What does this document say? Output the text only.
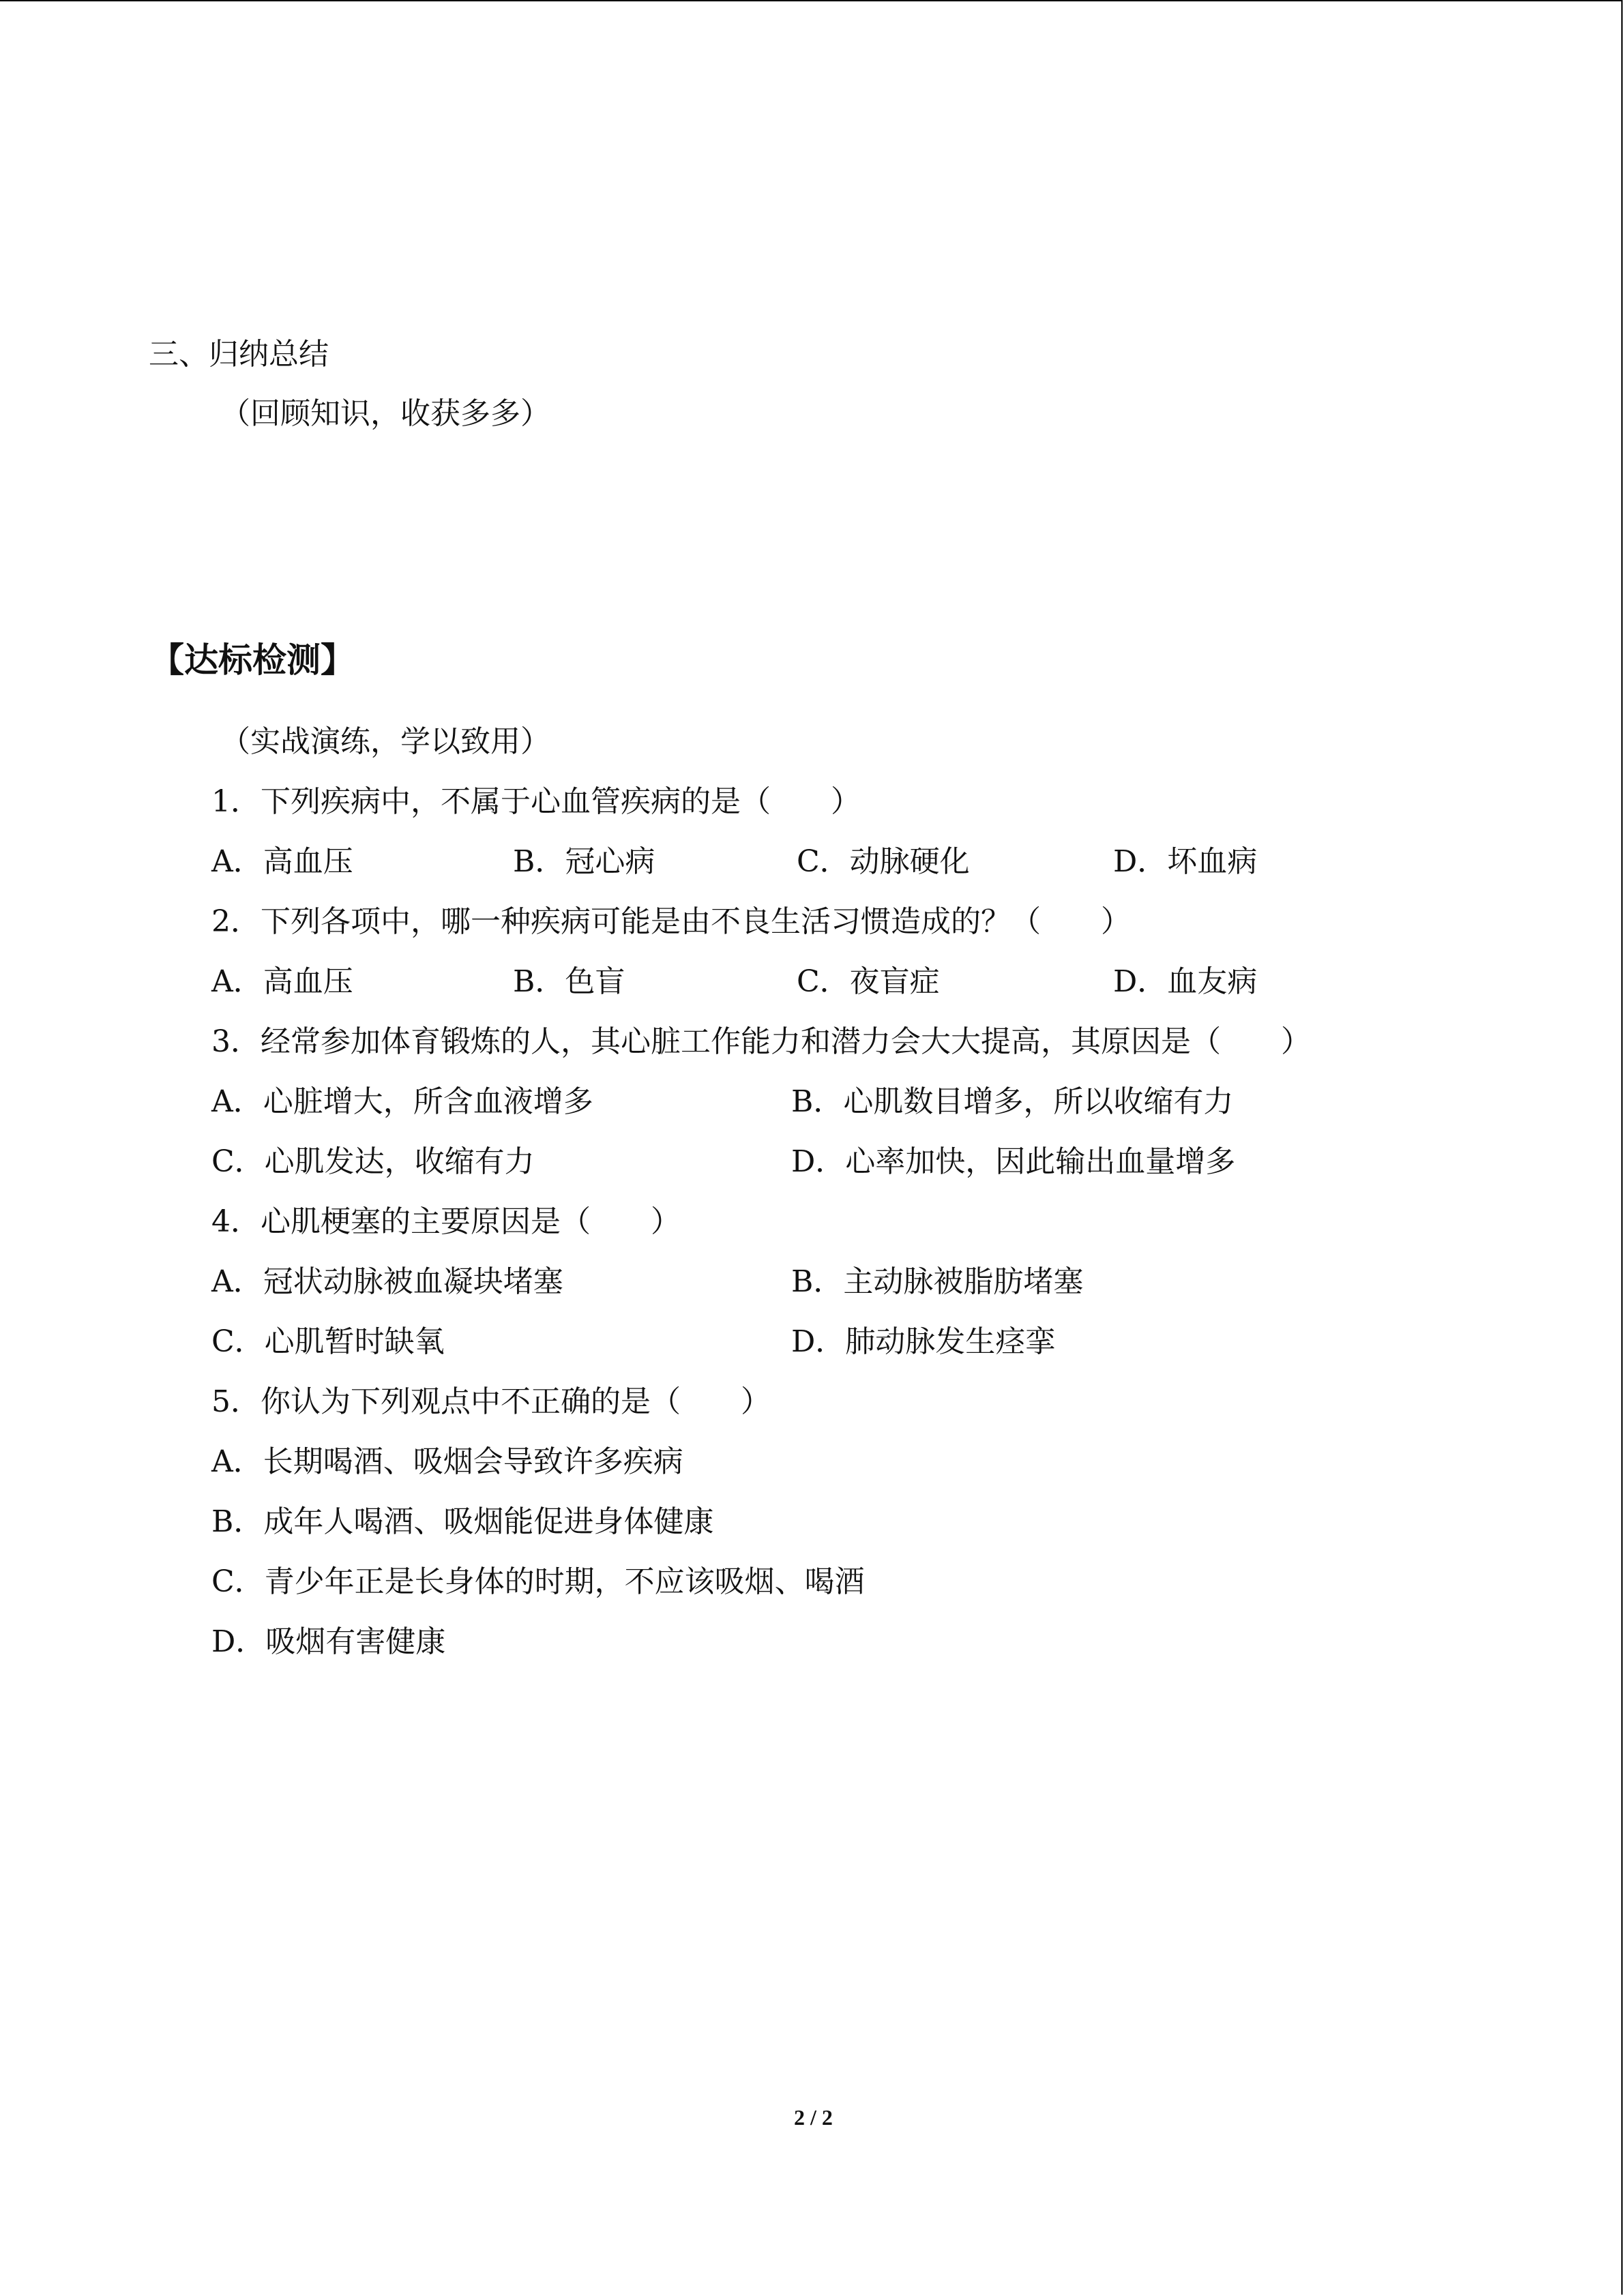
三、归纳总结
（回顾知识，收获多多）
【达标检测】
（实战演练，学以致用）
1．下列疾病中，不属于心血管疾病的是（　　）
A．高血压	B．冠心病	C．动脉硬化	D．坏血病
2．下列各项中，哪一种疾病可能是由不良生活习惯造成的？（　　）
A．高血压	B．色盲	C．夜盲症	D．血友病
3．经常参加体育锻炼的人，其心脏工作能力和潜力会大大提高，其原因是（　　）
A．心脏增大，所含血液增多	B．心肌数目增多，所以收缩有力
C．心肌发达，收缩有力	D．心率加快，因此输出血量增多
4．心肌梗塞的主要原因是（　　）
A．冠状动脉被血凝块堵塞	B．主动脉被脂肪堵塞
C．心肌暂时缺氧	D．肺动脉发生痉挛
5．你认为下列观点中不正确的是（　　）
A．长期喝酒、吸烟会导致许多疾病
B．成年人喝酒、吸烟能促进身体健康
C．青少年正是长身体的时期，不应该吸烟、喝酒
D．吸烟有害健康
2 / 2
